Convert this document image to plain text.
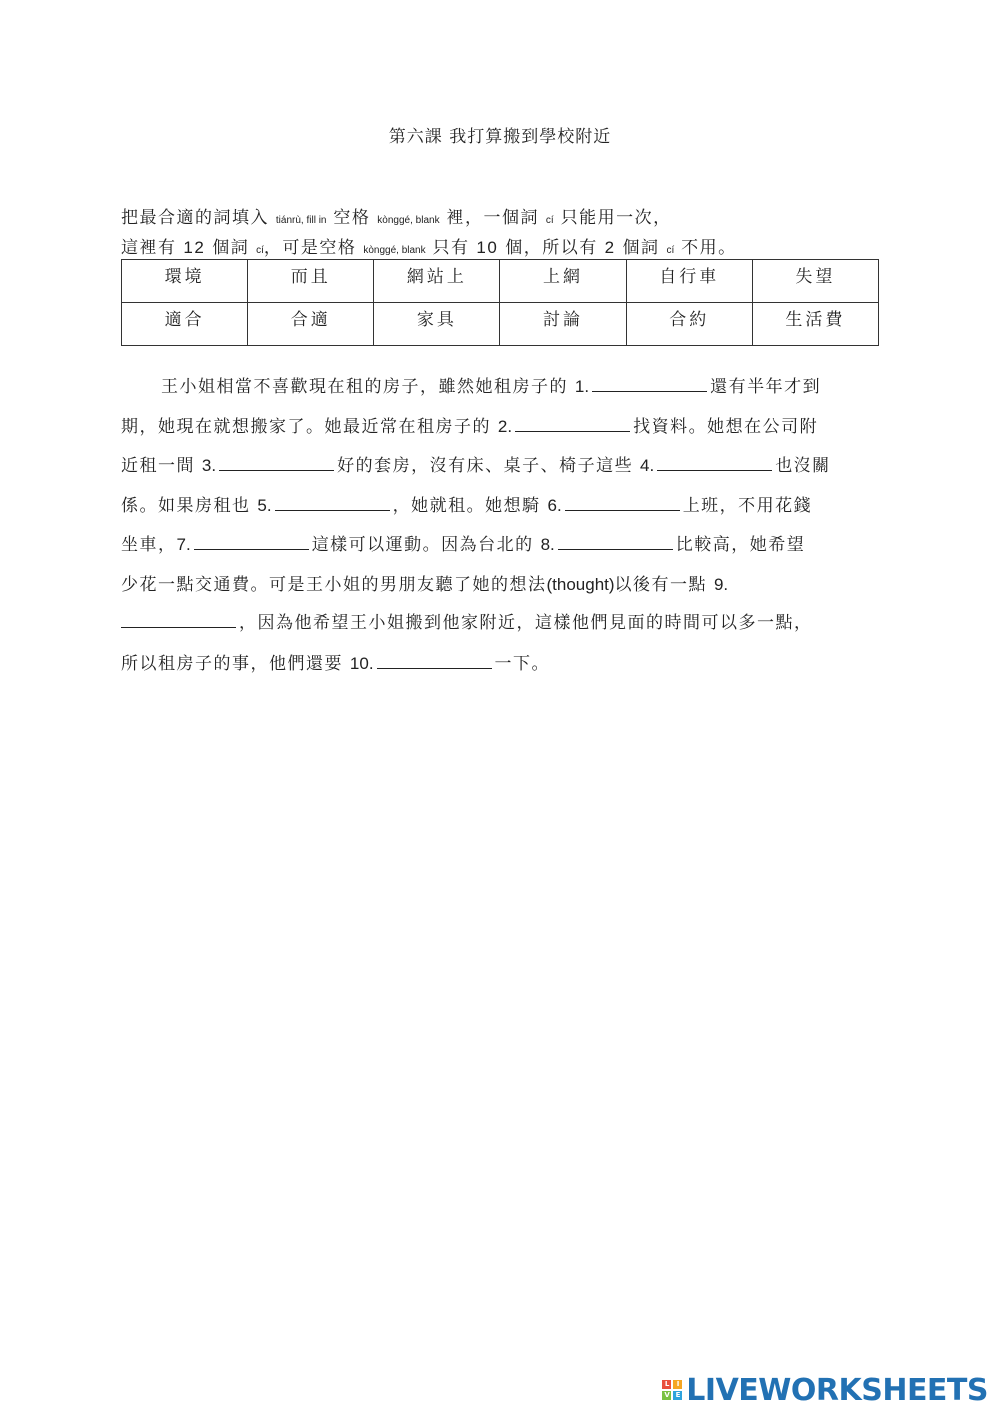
第六課 我打算搬到學校附近
把最合適的詞填入 tiánrù, fill in 空格 kònggé, blank 裡，一個詞 cí 只能用一次，
這裡有 12 個詞 cí，可是空格 kònggé, blank 只有 10 個，所以有 2 個詞 cí 不用。
環境	而且	網站上	上網	自行車	失望
適合	合適	家具	討論	合約	生活費
王小姐相當不喜歡現在租的房子，雖然她租房子的 1.	還有半年才到
期，她現在就想搬家了。她最近常在租房子的 2.	找資料。她想在公司附
近租一間 3.	好的套房，沒有床、桌子、椅子這些 4.	也沒關
係。如果房租也 5.	，她就租。她想騎 6.	上班，不用花錢
坐車，7.	這樣可以運動。因為台北的 8.	比較高，她希望
少花一點交通費。可是王小姐的男朋友聽了她的想法(thought)以後有一點 9.
，因為他希望王小姐搬到他家附近，這樣他們見面的時間可以多一點，
所以租房子的事，他們還要 10.	一下。
L	I
V E LIVEWORKSHEETS
